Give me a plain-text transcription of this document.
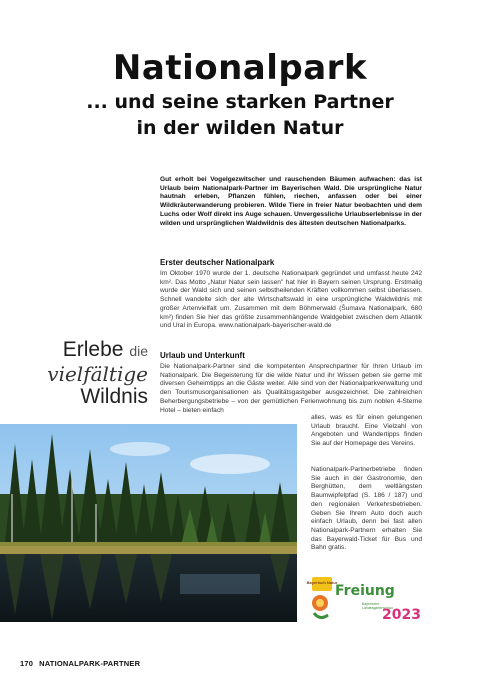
Nationalpark
... und seine starken Partner
in der wilden Natur

Gut erholt bei Vogelgezwitscher und rauschenden Bäumen aufwachen: das ist Urlaub beim Nationalpark-Partner im Bayerischen Wald. Die ursprüngliche Natur hautnah erleben, Pflanzen fühlen, riechen, anfassen oder bei einer Wildkräuterwanderung probieren. Wilde Tiere in freier Natur beobachten und dem Luchs oder Wolf direkt ins Auge schauen. Unvergessliche Urlaubserlebnisse in der wilden und ursprünglichen Waldwildnis des ältesten deutschen Nationalparks.

Erster deutscher Nationalpark

Im Oktober 1970 wurde der 1. deutsche Nationalpark gegründet und umfasst heute 242 km². Das Motto „Natur Natur sein lassen" hat hier in Bayern seinen Ursprung. Erstmalig wurde der Wald sich und seinen selbstheilenden Kräften vollkommen selbst überlassen. Schnell wandelte sich der alte Wirtschaftswald in eine ursprüngliche Waldwildnis mit großer Artenvielfalt um. Zusammen mit dem Böhmerwald (Šumava Nationalpark, 680 km²) finden Sie hier das größte zusammenhängende Waldgebiet zwischen dem Atlantik und Ural in Europa. www.nationalpark-bayerischer-wald.de

Urlaub und Unterkunft

Die Nationalpark-Partner sind die kompetenten Ansprechpartner für Ihren Urlaub im Nationalpark. Die Begeisterung für die wilde Natur und ihr Wissen geben sie gerne mit diversen Geheimtipps an die Gäste weiter. Alle sind von der Nationalparkverwaltung und den Tourismusorganisationen als Qualitätsgastgeber ausgezeichnet. Die zahlreichen Beherbergungsbetriebe – von der gemütlichen Ferienwohnung bis zum noblen 4-Sterne Hotel – bieten einfach

alles, was es für einen gelungenen Urlaub braucht. Eine Vielzahl von Angeboten und Wandertipps finden Sie auf der Homepage des Vereins.

Nationalpark-Partnerbetriebe finden Sie auch in der Gastronomie, den Berghütten, dem weltlängsten Baumwipfelpfad (S. 186 / 187) und den regionalen Verkehrsbetrieben. Geben Sie Ihrem Auto doch auch einfach Urlaub, denn bei fast allen Nationalpark-Partnern erhalten Sie das Bayerwald-Ticket für Bus und Bahn gratis.

Erlebe die
vielfältige
Wildnis
Bayerisch Natur
Freiung
Bayerische
Landesgartenschau
2023
170 NATIONALPARK-PARTNER
